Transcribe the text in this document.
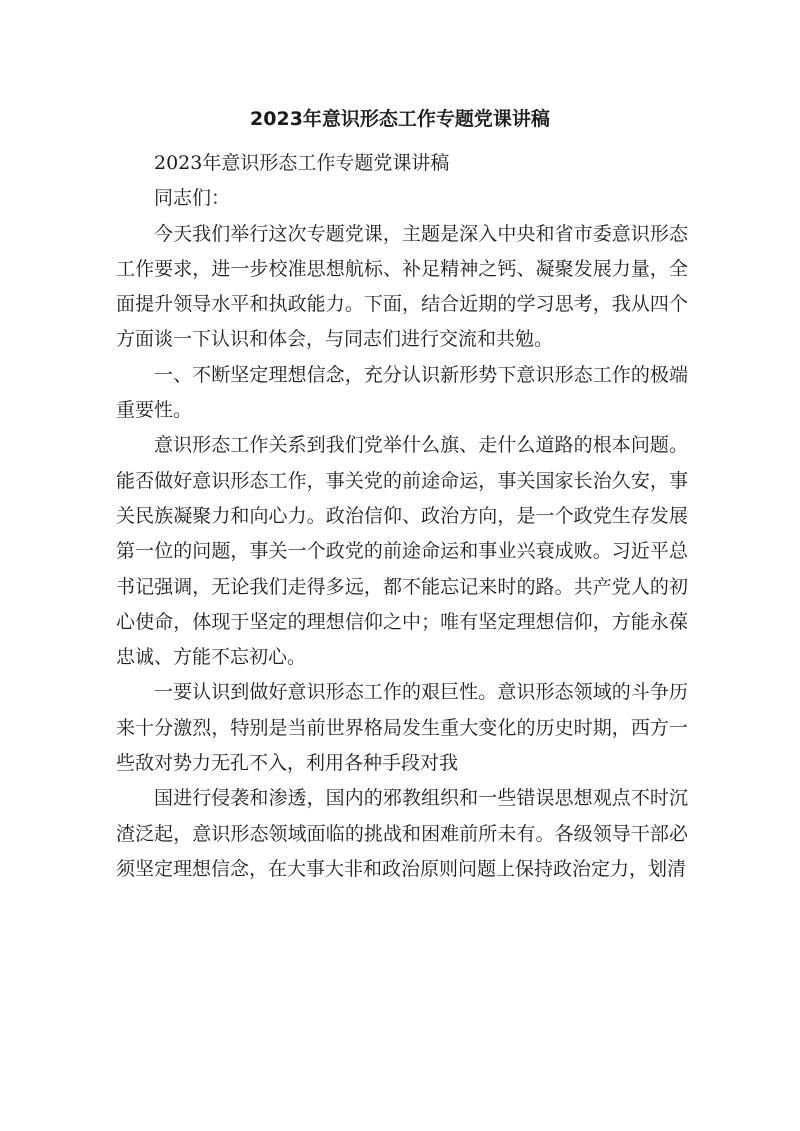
2023年意识形态工作专题党课讲稿

2023年意识形态工作专题党课讲稿

同志们：

今天我们举行这次专题党课，主题是深入中央和省市委意识形态工作要求，进一步校准思想航标、补足精神之钙、凝聚发展力量，全面提升领导水平和执政能力。下面，结合近期的学习思考，我从四个方面谈一下认识和体会，与同志们进行交流和共勉。

一、不断坚定理想信念，充分认识新形势下意识形态工作的极端重要性。

意识形态工作关系到我们党举什么旗、走什么道路的根本问题。能否做好意识形态工作，事关党的前途命运，事关国家长治久安，事关民族凝聚力和向心力。政治信仰、政治方向，是一个政党生存发展第一位的问题，事关一个政党的前途命运和事业兴衰成败。习近平总书记强调，无论我们走得多远，都不能忘记来时的路。共产党人的初心使命，体现于坚定的理想信仰之中；唯有坚定理想信仰，方能永葆忠诚、方能不忘初心。

一要认识到做好意识形态工作的艰巨性。意识形态领域的斗争历来十分激烈，特别是当前世界格局发生重大变化的历史时期，西方一些敌对势力无孔不入，利用各种手段对我

国进行侵袭和渗透，国内的邪教组织和一些错误思想观点不时沉渣泛起，意识形态领域面临的挑战和困难前所未有。各级领导干部必须坚定理想信念，在大事大非和政治原则问题上保持政治定力，划清
